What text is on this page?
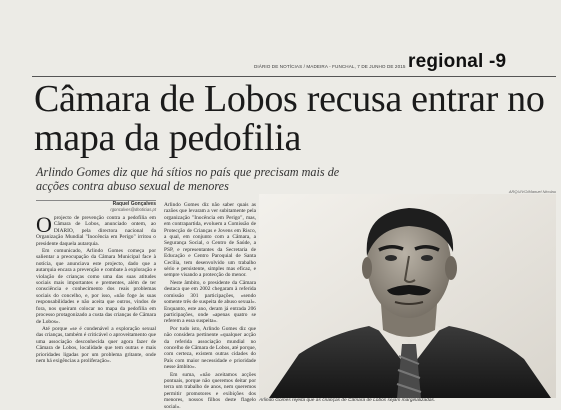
DIÁRIO DE NOTÍCIAS / MADEIRA - FUNCHAL, 7 DE JUNHO DE 2015 regional -9
Câmara de Lobos recusa entrar no mapa da pedofilia
Arlindo Gomes diz que há sítios no país que precisam mais de acções contra abuso sexual de menores
Raquel Gonçalves
rgoncalves@dnoticias.pt
O projecto de prevenção contra a pedofilia em Câmara de Lobos, anunciado ontem, ao DIARIO, pela directora nacional da Organização Mundial "Inocência em Perigo" irritou o presidente daquela autarquia.

Em comunicado, Arlindo Gomes começa por salientar a preocupação da Câmara Municipal face à notícia, que anunciava este projecto, dado que a autarquia encara a prevenção e combate à exploração e violação de crianças como uma das suas atitudes sociais mais importantes e prementes, além de ter consciência e conhecimento dos reais problemas sociais do concelho, e, por isso, «não foge às suas responsabilidades e não aceita que outros, vindos de fora, nos queiram colocar no mapa da pedofilia em processo protagonizado a custa das crianças de Câmara de Lobos».

Até porque «se é condenável a exploração sexual das crianças, também é criticável o aproveitamento que uma associação desconhecida quer agora fazer de Câmara de Lobos, localidade que tem outras e mais prioridades ligadas por um problema gritante, onde nem há exigências a proliferação».

Arlindo Gomes diz não saber quais as razões que levaram a ver subitamente pela organização "Inocência em Perigo", mas, em contrapartida, evoluem a Comissão de Protecção de Crianças e Jovens em Risco, a qual, em conjunto com a Câmara, a Segurança Social, o Centro de Saúde, a PSP, e representantes da Secretaria de Educação e Centro Paroquial de Santa Cecília, tem desenvolvido um trabalho sério e persistente, simples mas eficaz, e sempre visando a protecção do menor.

Neste âmbito, o presidente da Câmara destaca que em 2002 chegaram à referida comissão 301 participações, «sendo somente três de suspeita de abuso sexual». Enquanto, este ano, deram já entrada 206 participações, onde «apenas quatro se referem a essa suspeita».

Por tudo isto, Arlindo Gomes diz que não considera pertinente «qualquer acção da referida associação mundial no concelho de Câmara de Lobos, até porque, com certeza, existem outras cidades do País com maior necessidade e prioridade nesse âmbito».

Em suma, «não aceitamos acções pontuais, porque não queremos deitar por terra um trabalho de anos, nem queremos permitir promotores e exibições dos menores, nossos filhos deste flagelo social».

ARQUIVO/Manuel Nicolau
Arlindo Gomes rejeita que as crianças de Câmara de Lobos sejam marginalizadas.
